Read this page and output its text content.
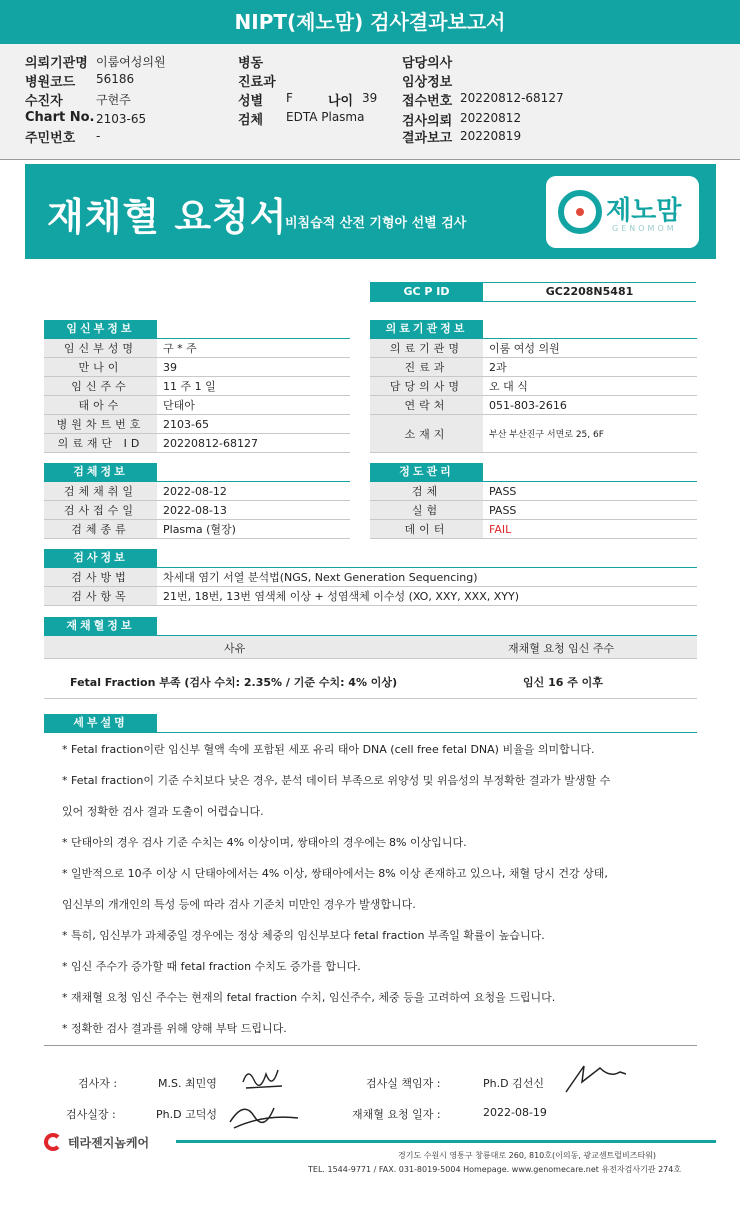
NIPT(제노맘) 검사결과보고서
의뢰기관명 이룸여성의원
병원코드 56186
수진자	구현주
Chart No. 2103-65
주민번호 -
병동
진료과
성별 F	나이 39
검체 EDTA Plasma
담당의사
임상정보
접수번호 20220812-68127
검사의뢰 20220812
결과보고 20220819
재채혈 요청서
비침습적 산전 기형아 선별 검사	제노맘
GENOMOM
GC P ID	GC2208N5481
임신부정보
임신부성명	구 * 주
만나이	39
임신주수	11 주 1 일
태아수	단태아
병원차트번호	2103-65
의료재단 ID	20220812-68127
의료기관정보
의료기관명	이룸 여성 의원
진료과	2과
담당의사명	오 대 식
연락처	051-803-2616
소재지	부산 부산진구 서면로 25, 6F
검체정보
검체채취일	2022-08-12
검사접수일	2022-08-13
검체종류	Plasma (혈장)
정도관리
검체	PASS
실험	PASS
데이터	FAIL
검사정보
검사방법	차세대 염기 서열 분석법(NGS, Next Generation Sequencing)
검사항목	21번, 18번, 13번 염색체 이상 + 성염색체 이수성 (XO, XXY, XXX, XYY)
재채혈정보
사유	재채혈 요청 임신 주수
Fetal Fraction 부족 (검사 수치: 2.35% / 기준 수치: 4% 이상)	임신 16 주 이후
세부설명
* Fetal fraction이란 임신부 혈액 속에 포함된 세포 유리 태아 DNA (cell free fetal DNA) 비율을 의미합니다.
* Fetal fraction이 기준 수치보다 낮은 경우, 분석 데이터 부족으로 위양성 및 위음성의 부정확한 결과가 발생할 수
있어 정확한 검사 결과 도출이 어렵습니다.
* 단태아의 경우 검사 기준 수치는 4% 이상이며, 쌍태아의 경우에는 8% 이상입니다.
* 일반적으로 10주 이상 시 단태아에서는 4% 이상, 쌍태아에서는 8% 이상 존재하고 있으나, 채혈 당시 건강 상태,
임신부의 개개인의 특성 등에 따라 검사 기준치 미만인 경우가 발생합니다.
* 특히, 임신부가 과체중일 경우에는 정상 체중의 임신부보다 fetal fraction 부족일 확률이 높습니다.
* 임신 주수가 증가할 때 fetal fraction 수치도 증가를 합니다.
* 재채혈 요청 임신 주수는 현재의 fetal fraction 수치, 임신주수, 체중 등을 고려하여 요청을 드립니다.
* 정확한 검사 결과를 위해 양해 부탁 드립니다.
검사자 :	M.S. 최민영	검사실 책임자 :	Ph.D 김선신
검사실장 :	Ph.D 고덕성	재채혈 요청 일자 :	2022-08-19
테라젠지놈케어
경기도 수원시 영통구 창룡대로 260, 810호(이의동, 광교센트럴비즈타워)
TEL. 1544-9771 / FAX. 031-8019-5004 Homepage. www.genomecare.net 유전자검사기관 274호
